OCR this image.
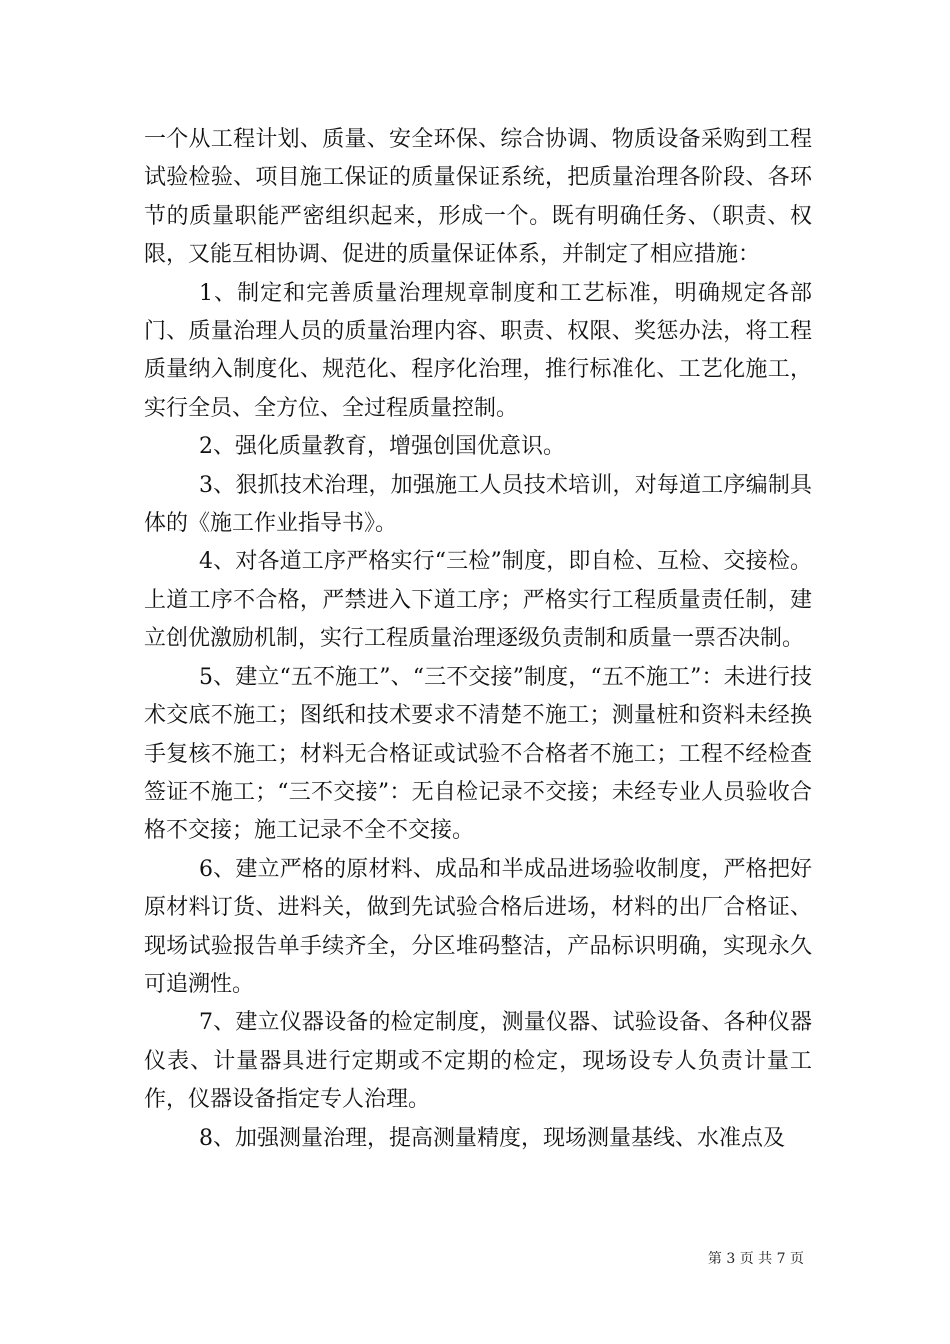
一个从工程计划、质量、安全环保、综合协调、物质设备采购到工程试验检验、项目施工保证的质量保证系统，把质量治理各阶段、各环节的质量职能严密组织起来，形成一个。既有明确任务、（职责、权限，又能互相协调、促进的质量保证体系，并制定了相应措施：

1、制定和完善质量治理规章制度和工艺标准，明确规定各部门、质量治理人员的质量治理内容、职责、权限、奖惩办法，将工程质量纳入制度化、规范化、程序化治理，推行标准化、工艺化施工，实行全员、全方位、全过程质量控制。

2、强化质量教育，增强创国优意识。

3、狠抓技术治理，加强施工人员技术培训，对每道工序编制具体的《施工作业指导书》。

4、对各道工序严格实行“三检”制度，即自检、互检、交接检。上道工序不合格，严禁进入下道工序；严格实行工程质量责任制，建立创优激励机制，实行工程质量治理逐级负责制和质量一票否决制。

5、建立“五不施工”、“三不交接”制度，“五不施工”：未进行技术交底不施工；图纸和技术要求不清楚不施工；测量桩和资料未经换手复核不施工；材料无合格证或试验不合格者不施工；工程不经检查签证不施工；“三不交接”：无自检记录不交接；未经专业人员验收合格不交接；施工记录不全不交接。

6、建立严格的原材料、成品和半成品进场验收制度，严格把好原材料订货、进料关，做到先试验合格后进场，材料的出厂合格证、现场试验报告单手续齐全，分区堆码整洁，产品标识明确，实现永久可追溯性。

7、建立仪器设备的检定制度，测量仪器、试验设备、各种仪器仪表、计量器具进行定期或不定期的检定，现场设专人负责计量工作，仪器设备指定专人治理。

8、加强测量治理，提高测量精度，现场测量基线、水准点及

第 3 页 共 7 页
